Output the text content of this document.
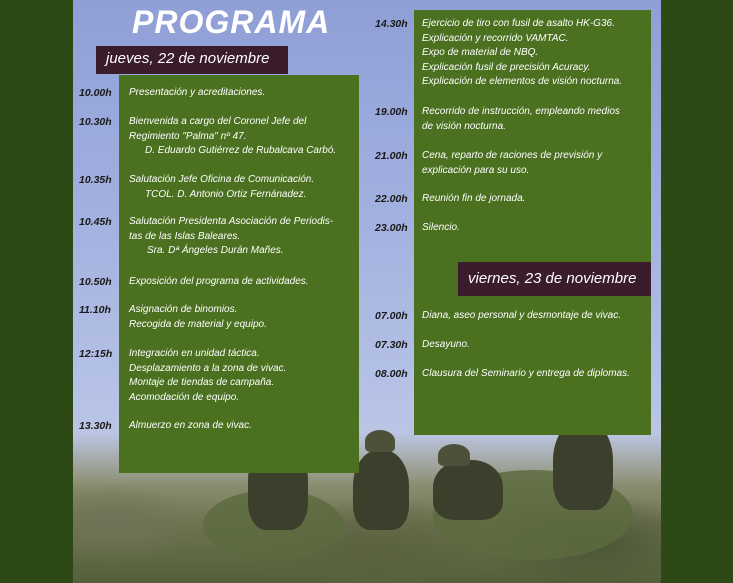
PROGRAMA
jueves, 22 de noviembre
viernes, 23 de noviembre
10.00h Presentación y acreditaciones.
10.30h Bienvenida a cargo del Coronel Jefe del
Regimiento "Palma" nº 47.
D. Eduardo Gutiérrez de Rubalcava Carbó.
10.35h Salutación Jefe Oficina de Comunicación.
TCOL. D. Antonio Ortiz Fernánadez.
10.45h Salutación Presidenta Asociación de Periodis-
tas de las Islas Baleares.
Sra. Dª Ángeles Durán Mañes.
10.50h Exposición del programa de actividades.
11.10h Asignación de binomios.
Recogida de material y equipo.
12:15h Integración en unidad táctica.
Desplazamiento a la zona de vivac.
Montaje de tiendas de campaña.
Acomodación de equipo.
13.30h Almuerzo en zona de vivac.
14.30h Ejercicio de tiro con fusil de asalto HK-G36.
Explicación y recorrido VAMTAC.
Expo de material de NBQ.
Explicación fusil de precisión Acuracy.
Explicación de elementos de visión nocturna.
19.00h Recorrido de instrucción, empleando medios
de visión nocturna.
21.00h Cena, reparto de raciones de previsión y
explicación para su uso.
22.00h Reunión fin de jornada.
23.00h Silencio.
07.00h Diana, aseo personal y desmontaje de vivac.
07.30h Desayuno.
08.00h Clausura del Seminario y entrega de diplomas.
